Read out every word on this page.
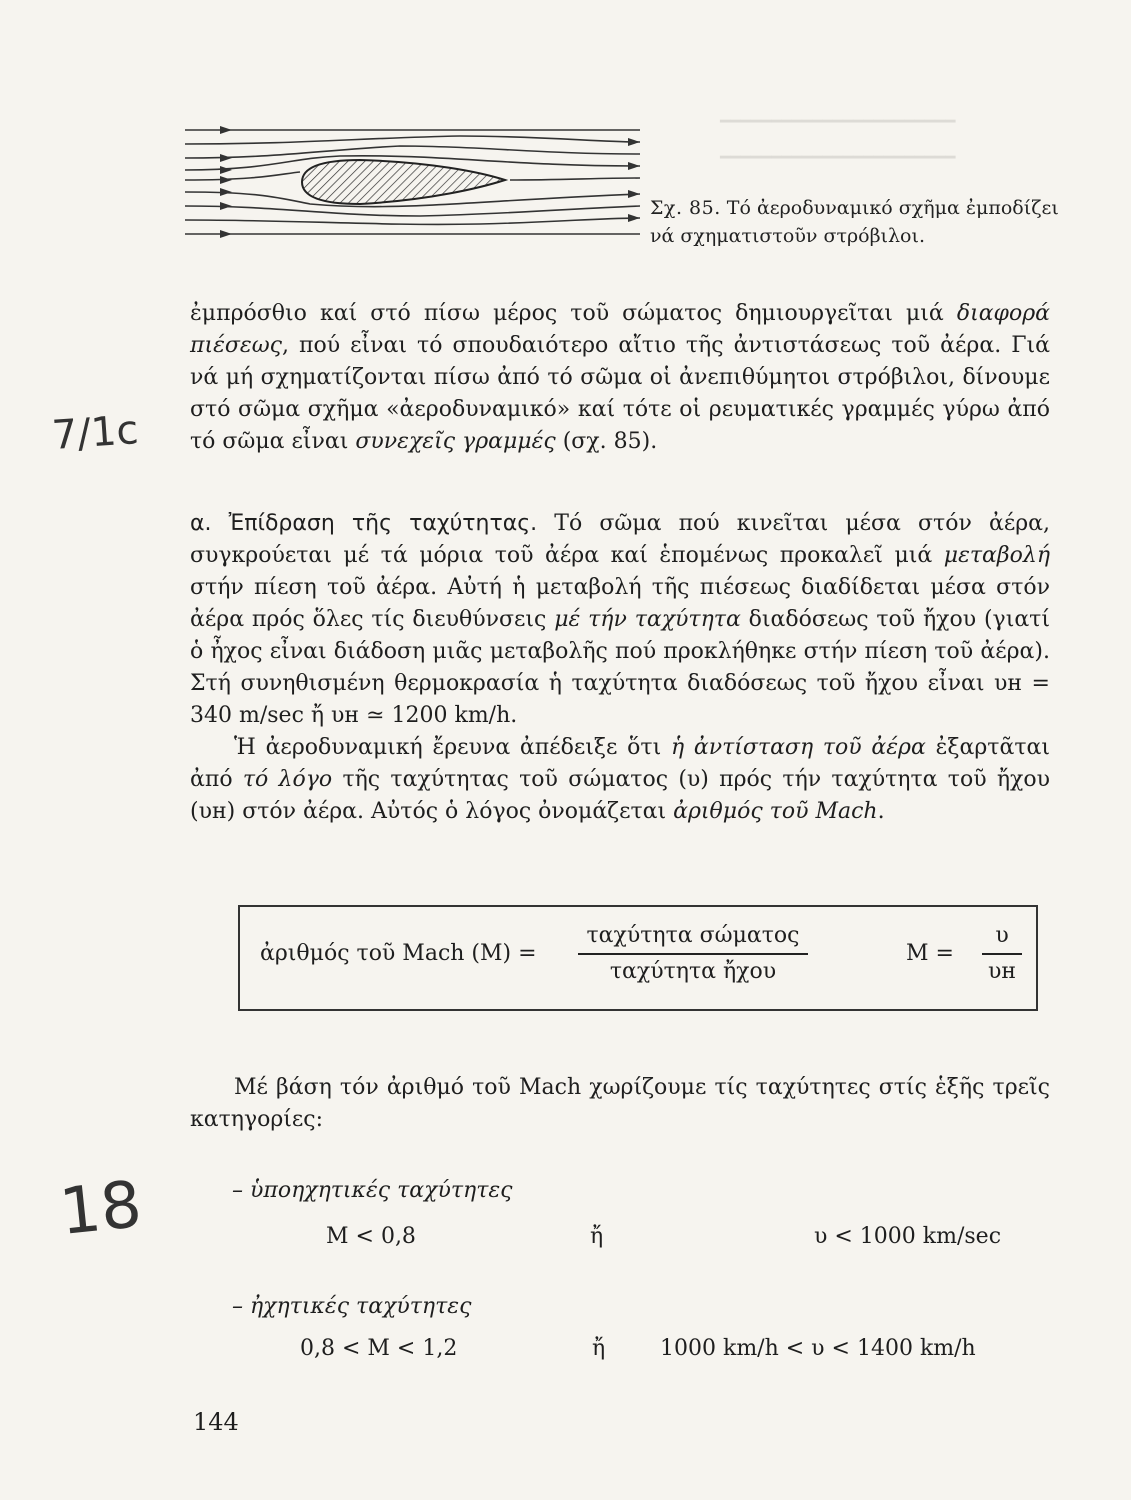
━━━━━━━━━━━━━━━━━━━━━━━
━━━━━━━━━━━━━━━━━━━━━━━
Σχ. 85. Τό ἀεροδυναμικό σχῆμα ἐμποδίζει νά σχηματιστοῦν στρόβιλοι.
ἐμπρόσθιο καί στό πίσω μέρος τοῦ σώματος δημιουργεῖται μιά διαφορά πιέσεως, πού εἶναι τό σπουδαιότερο αἴτιο τῆς ἀντιστάσεως τοῦ ἀέρα. Γιά νά μή σχηματίζονται πίσω ἀπό τό σῶμα οἱ ἀνεπιθύμητοι στρόβιλοι, δίνουμε στό σῶμα σχῆμα «ἀεροδυναμικό» καί τότε οἱ ρευματικές γραμμές γύρω ἀπό τό σῶμα εἶναι συνεχεῖς γραμμές (σχ. 85).
α. Ἐπίδραση τῆς ταχύτητας. Τό σῶμα πού κινεῖται μέσα στόν ἀέρα, συγκρούεται μέ τά μόρια τοῦ ἀέρα καί ἑπομένως προκαλεῖ μιά μεταβολή στήν πίεση τοῦ ἀέρα. Αὐτή ἡ μεταβολή τῆς πιέσεως διαδίδεται μέσα στόν ἀέρα πρός ὅλες τίς διευθύνσεις μέ τήν ταχύτητα διαδόσεως τοῦ ἤχου (γιατί ὁ ἦχος εἶναι διάδοση μιᾶς μεταβολῆς πού προκλήθηκε στήν πίεση τοῦ ἀέρα). Στή συνηθισμένη θερμοκρασία ἡ ταχύτητα διαδόσεως τοῦ ἤχου εἶναι υн = 340 m/sec ἤ υн ≃ 1200 km/h.
Ἡ ἀεροδυναμική ἔρευνα ἀπέδειξε ὅτι ἡ ἀντίσταση τοῦ ἀέρα ἐξαρτᾶται ἀπό τό λόγο τῆς ταχύτητας τοῦ σώματος (υ) πρός τήν ταχύτητα τοῦ ἤχου (υн) στόν ἀέρα. Αὐτός ὁ λόγος ὀνομάζεται ἀριθμός τοῦ Mach.
ἀριθμός τοῦ Mach (M) =
ταχύτητα σώματος
ταχύτητα ἤχου
M =
υ
υн
Μέ βάση τόν ἀριθμό τοῦ Mach χωρίζουμε τίς ταχύτητες στίς ἑξῆς τρεῖς κατηγορίες:
– ὑποηχητικές ταχύτητες
M < 0,8	ἤ	υ < 1000 km/sec
– ἠχητικές ταχύτητες
0,8 < M < 1,2	ἤ 1000 km/h < υ < 1400 km/h
7/1ϲ
18
144
